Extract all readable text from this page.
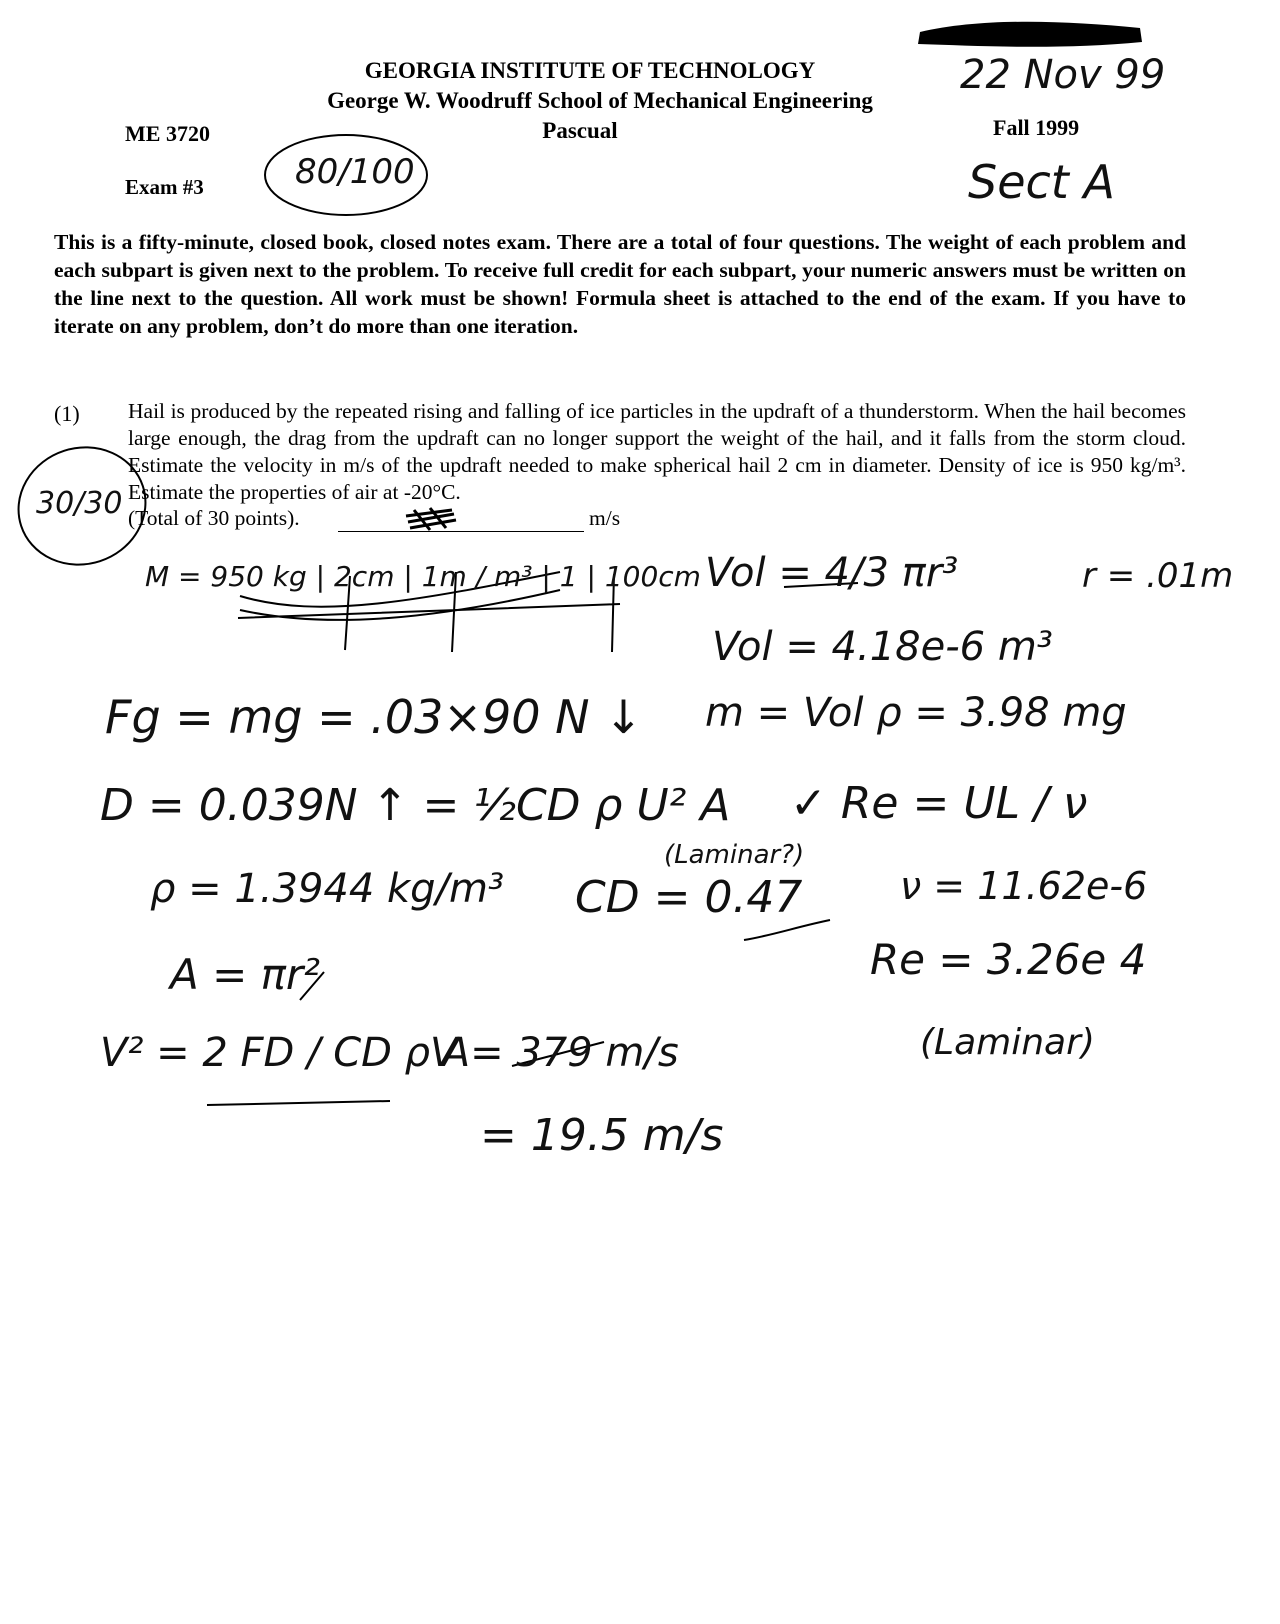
GEORGIA INSTITUTE OF TECHNOLOGY
George W. Woodruff School of Mechanical Engineering
Pascual
ME 3720
Exam #3
Fall 1999
This is a fifty-minute, closed book, closed notes exam. There are a total of four questions. The weight of each problem and each subpart is given next to the problem. To receive full credit for each subpart, your numeric answers must be written on the line next to the question. All work must be shown! Formula sheet is attached to the end of the exam. If you have to iterate on any problem, don’t do more than one iteration.
(1) Hail is produced by the repeated rising and falling of ice particles in the updraft of a thunderstorm. When the hail becomes large enough, the drag from the updraft can no longer support the weight of the hail, and it falls from the storm cloud. Estimate the velocity in m/s of the updraft needed to make spherical hail 2 cm in diameter. Density of ice is 950 kg/m³. Estimate the properties of air at -20°C.
(Total of 30 points).	m/s
22 Nov 99
Sect A
80/100
30/30
M = 950 kg | 2cm | 1m / m³ | 1 | 100cm Vol = 4/3 πr³	r = .01m
Vol = 4.18e-6 m³
Fg = mg = .03×90 N ↓ m = Vol ρ = 3.98 mg
D = 0.039N ↑ = ½CD ρ U² A ✓ Re = UL / ν
(Laminar?)
ρ = 1.3944 kg/m³ CD = 0.47	ν = 11.62e-6
A = πr²	Re = 3.26e 4
(Laminar)
V² = 2 FD / CD ρ A
V = 379 m/s
= 19.5 m/s
